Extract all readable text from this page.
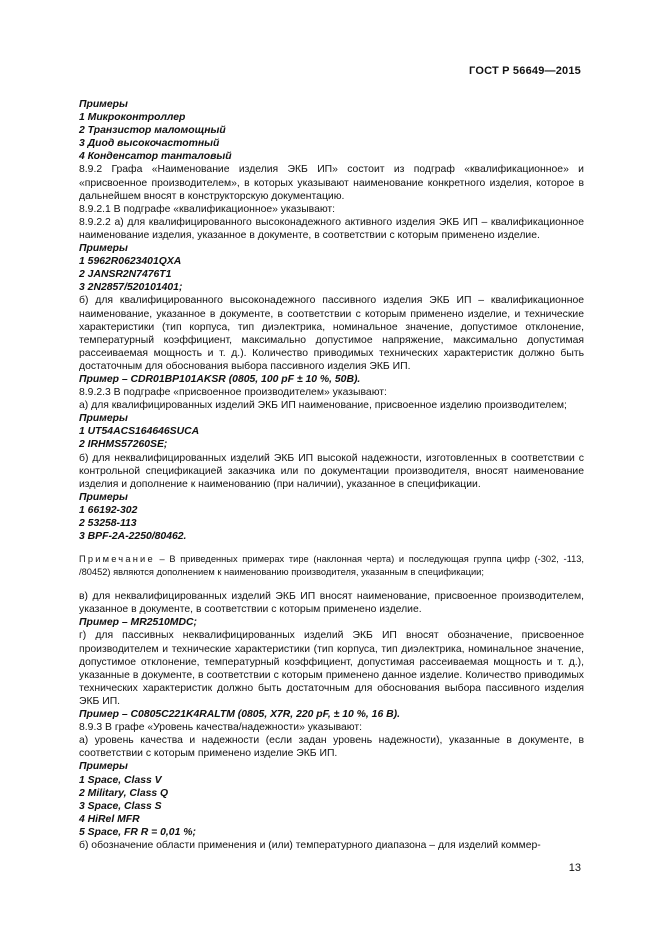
ГОСТ Р 56649—2015

Примеры

1 Микроконтроллер

2 Транзистор маломощный

3 Диод высокочастотный

4 Конденсатор танталовый

8.9.2 Графа «Наименование изделия ЭКБ ИП» состоит из подграф «квалификационное» и «присвоенное производителем», в которых указывают наименование конкретного изделия, которое в дальнейшем вносят в конструкторскую документацию.

8.9.2.1 В подграфе «квалификационное» указывают:

8.9.2.2 а) для квалифицированного высоконадежного активного изделия ЭКБ ИП – квалификационное наименование изделия, указанное в документе, в соответствии с которым применено изделие.

Примеры

1 5962R0623401QXA

2 JANSR2N7476T1

3 2N2857/520101401;

б) для квалифицированного высоконадежного пассивного изделия ЭКБ ИП – квалификационное наименование, указанное в документе, в соответствии с которым применено изделие, и технические характеристики (тип корпуса, тип диэлектрика, номинальное значение, допустимое отклонение, температурный коэффициент, максимально допустимое напряжение, максимально допустимая рассеиваемая мощность и т. д.). Количество приводимых технических характеристик должно быть достаточным для обоснования выбора пассивного изделия ЭКБ ИП.

Пример – CDR01BP101AKSR (0805, 100 pF ± 10 %, 50В).

8.9.2.3 В подграфе «присвоенное производителем» указывают:

а) для квалифицированных изделий ЭКБ ИП наименование, присвоенное изделию производителем;

Примеры

1 UT54ACS164646SUCA

2 IRHMS57260SE;

б) для неквалифицированных изделий ЭКБ ИП высокой надежности, изготовленных в соответствии с контрольной спецификацией заказчика или по документации производителя, вносят наименование изделия и дополнение к наименованию (при наличии), указанное в спецификации.

Примеры

1 66192-302

2 53258-113

3 BPF-2A-2250/80462.

Примечание – В приведенных примерах тире (наклонная черта) и последующая группа цифр (-302, -113, /80452) являются дополнением к наименованию производителя, указанным в спецификации;

в) для неквалифицированных изделий ЭКБ ИП вносят наименование, присвоенное производителем, указанное в документе, в соответствии с которым применено изделие.

Пример – MR2510MDC;

г) для пассивных неквалифицированных изделий ЭКБ ИП вносят обозначение, присвоенное производителем и технические характеристики (тип корпуса, тип диэлектрика, номинальное значение, допустимое отклонение, температурный коэффициент, допустимая рассеиваемая мощность и т. д.), указанные в документе, в соответствии с которым применено данное изделие. Количество приводимых технических характеристик должно быть достаточным для обоснования выбора пассивного изделия ЭКБ ИП.

Пример – C0805C221K4RALTM (0805, X7R, 220 pF, ± 10 %, 16 В).

8.9.3 В графе «Уровень качества/надежности» указывают:

а) уровень качества и надежности (если задан уровень надежности), указанные в документе, в соответствии с которым применено изделие ЭКБ ИП.

Примеры

1 Space, Class V

2 Military, Class Q

3 Space, Class S

4 HiRel MFR

5 Space, FR R = 0,01 %;

б) обозначение области применения и (или) температурного диапазона – для изделий коммер-

13
